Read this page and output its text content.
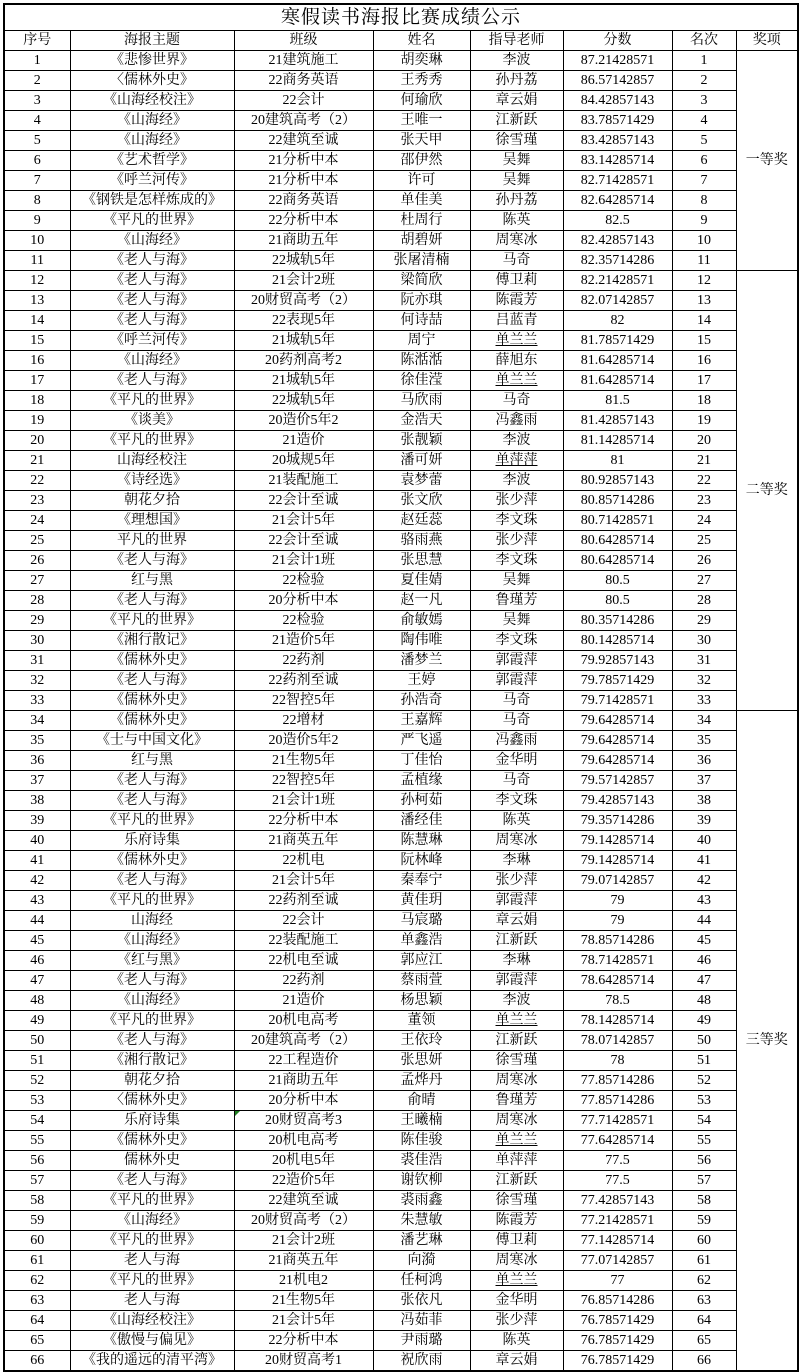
寒假读书海报比赛成绩公示							
序号	海报主题	班级	姓名	指导老师	分数	名次	奖项
1	《悲惨世界》	21建筑施工	胡奕琳	李波	87.21428571	1	一等奖
2	〈儒林外史》	22商务英语	王秀秀	孙丹荔	86.57142857	2	
3	《山海经校注》	22会计	何瑜欣	章云娟	84.42857143	3	
4	《山海经》	20建筑高考（2）	王唯一	江新跃	83.78571429	4	
5	《山海经》	22建筑至诚	张天甲	徐雪瑾	83.42857143	5	
6	《艺术哲学》	21分析中本	邵伊然	吴舞	83.14285714	6	
7	《呼兰河传》	21分析中本	许可	吴舞	82.71428571	7	
8	《钢铁是怎样炼成的》	22商务英语	单佳美	孙丹荔	82.64285714	8	
9	《平凡的世界》	22分析中本	杜周行	陈英	82.5	9	
10	《山海经》	21商助五年	胡碧妍	周寒冰	82.42857143	10	
11	《老人与海》	22城轨5年	张屠清楠	马奇	82.35714286	11	
12	《老人与海》	21会计2班	梁简欣	傅卫莉	82.21428571	12	二等奖
13	《老人与海》	20财贸高考（2）	阮亦琪	陈霞芳	82.07142857	13	
14	《老人与海》	22表现5年	何诗喆	吕蓝青	82	14	
15	《呼兰河传》	21城轨5年	周宁	单兰兰	81.78571429	15	
16	《山海经》	20药剂高考2	陈湉湉	薛旭东	81.64285714	16	
17	《老人与海》	21城轨5年	徐佳滢	单兰兰	81.64285714	17	
18	《平凡的世界》	22城轨5年	马欣雨	马奇	81.5	18	
19	《谈美》	20造价5年2	金浩天	冯鑫雨	81.42857143	19	
20	《平凡的世界》	21造价	张靓颖	李波	81.14285714	20	
21	山海经校注	20城规5年	潘可妍	单萍萍	81	21	
22	《诗经选》	21装配施工	袁梦蕾	李波	80.92857143	22	
23	朝花夕拾	22会计至诚	张文欣	张少萍	80.85714286	23	
24	《理想国》	21会计5年	赵廷蕊	李文珠	80.71428571	24	
25	平凡的世界	22会计至诚	骆雨燕	张少萍	80.64285714	25	
26	《老人与海》	21会计1班	张思慧	李文珠	80.64285714	26	
27	红与黑	22检验	夏佳婧	吴舞	80.5	27	
28	《老人与海》	20分析中本	赵一凡	鲁瑾芳	80.5	28	
29	《平凡的世界》	22检验	俞敏嫣	吴舞	80.35714286	29	
30	《湘行散记》	21造价5年	陶伟唯	李文珠	80.14285714	30	
31	《儒林外史》	22药剂	潘梦兰	郭霞萍	79.92857143	31	
32	《老人与海》	22药剂至诚	王婷	郭霞萍	79.78571429	32	
33	《儒林外史》	22智控5年	孙浩奇	马奇	79.71428571	33	
34	《儒林外史》	22增材	王嘉辉	马奇	79.64285714	34	三等奖
35	《士与中国文化》	20造价5年2	严飞遥	冯鑫雨	79.64285714	35	
36	红与黑	21生物5年	丁佳怡	金华明	79.64285714	36	
37	《老人与海》	22智控5年	孟植缘	马奇	79.57142857	37	
38	《老人与海》	21会计1班	孙柯茹	李文珠	79.42857143	38	
39	《平凡的世界》	22分析中本	潘经佳	陈英	79.35714286	39	
40	乐府诗集	21商英五年	陈慧琳	周寒冰	79.14285714	40	
41	《儒林外史》	22机电	阮林峰	李琳	79.14285714	41	
42	《老人与海》	21会计5年	秦奉宁	张少萍	79.07142857	42	
43	《平凡的世界》	22药剂至诚	黄佳玥	郭霞萍	79	43	
44	山海经	22会计	马宸璐	章云娟	79	44	
45	《山海经》	22装配施工	单鑫浩	江新跃	78.85714286	45	
46	《红与黑》	22机电至诚	郭应江	李琳	78.71428571	46	
47	《老人与海》	22药剂	蔡雨萱	郭霞萍	78.64285714	47	
48	《山海经》	21造价	杨思颖	李波	78.5	48	
49	《平凡的世界》	20机电高考	董领	单兰兰	78.14285714	49	
50	《老人与海》	20建筑高考（2）	王依玲	江新跃	78.07142857	50	
51	《湘行散记》	22工程造价	张思妍	徐雪瑾	78	51	
52	朝花夕拾	21商助五年	孟烨丹	周寒冰	77.85714286	52	
53	〈儒林外史》	20分析中本	俞晴	鲁瑾芳	77.85714286	53	
54	乐府诗集	20财贸高考3	王曦楠	周寒冰	77.71428571	54	
55	《儒林外史》	20机电高考	陈佳骏	单兰兰	77.64285714	55	
56	儒林外史	20机电5年	裘佳浩	单萍萍	77.5	56	
57	《老人与海》	22造价5年	谢钦柳	江新跃	77.5	57	
58	《平凡的世界》	22建筑至诚	裘雨鑫	徐雪瑾	77.42857143	58	
59	《山海经》	20财贸高考（2）	朱慧敏	陈霞芳	77.21428571	59	
60	《平凡的世界》	21会计2班	潘艺琳	傅卫莉	77.14285714	60	
61	老人与海	21商英五年	向漪	周寒冰	77.07142857	61	
62	《平凡的世界》	21机电2	任柯鸿	单兰兰	77	62	
63	老人与海	21生物5年	张依凡	金华明	76.85714286	63	
64	《山海经校注》	21会计5年	冯茹菲	张少萍	76.78571429	64	
65	《傲慢与偏见》	22分析中本	尹雨璐	陈英	76.78571429	65	
66	《我的遥远的清平湾》	20财贸高考1	祝欣雨	章云娟	76.78571429	66	
